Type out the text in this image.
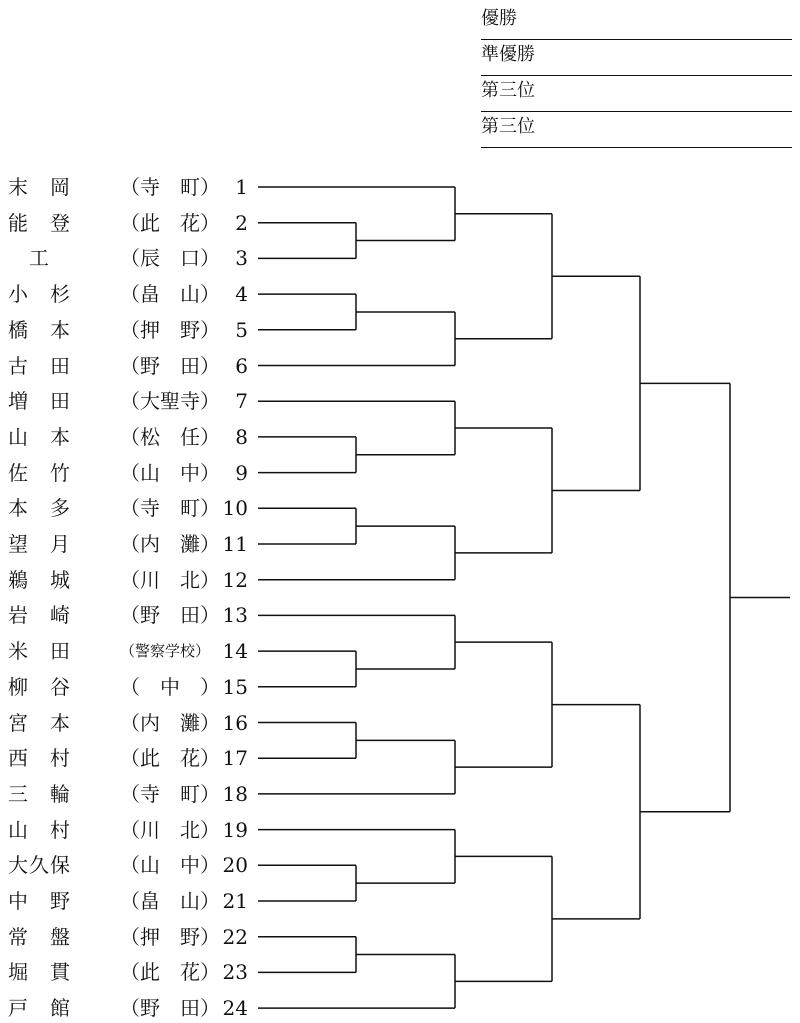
優勝
準優勝
第三位
第三位
末　岡	（寺　町） 1
能　登	（此　花） 2
　工	（辰　口） 3
小　杉	（畠　山） 4
橋　本	（押　野） 5
古　田	（野　田） 6
増　田	（大聖寺） 7
山　本	（松　任） 8
佐　竹	（山　中） 9
本　多	（寺　町） 10
望　月	（内　灘） 11
鵜　城	（川　北） 12
岩　崎	（野　田） 13
米　田	（警察学校） 14
柳　谷	（　中　） 15
宮　本	（内　灘） 16
西　村	（此　花） 17
三　輪	（寺　町） 18
山　村	（川　北） 19
大久保	（山　中） 20
中　野	（畠　山） 21
常　盤	（押　野） 22
堀　貫	（此　花） 23
戸　館	（野　田） 24
